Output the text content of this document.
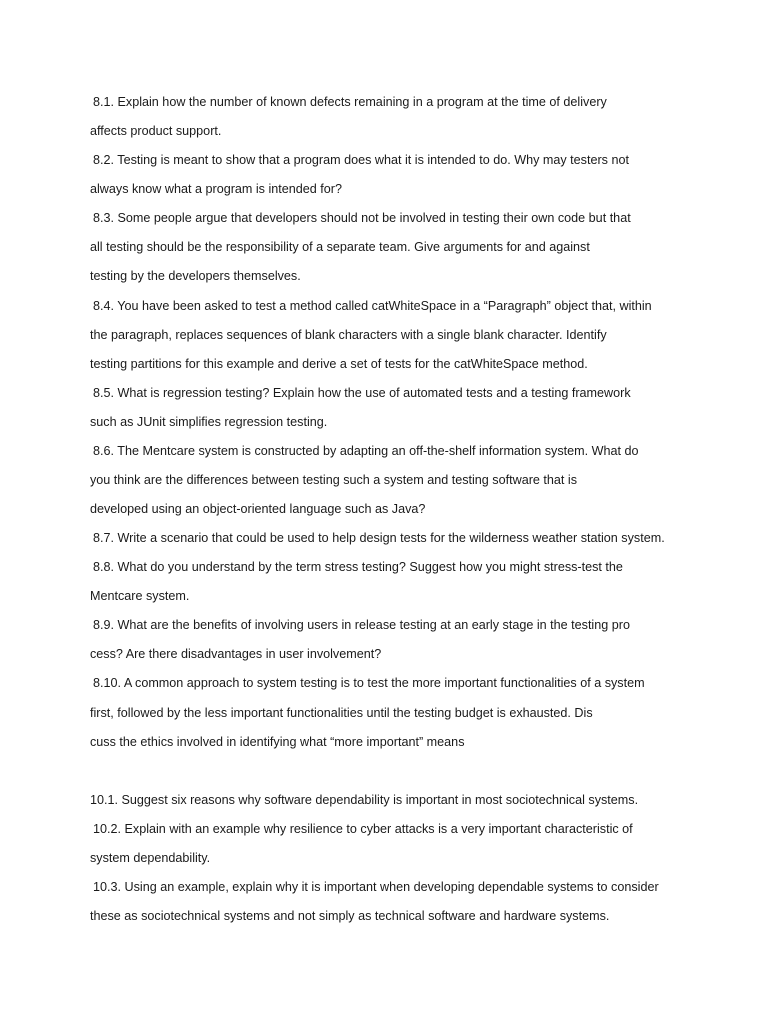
8.1. Explain how the number of known defects remaining in a program at the time of delivery
affects product support.
8.2. Testing is meant to show that a program does what it is intended to do. Why may testers not
always know what a program is intended for?
8.3. Some people argue that developers should not be involved in testing their own code but that
all testing should be the responsibility of a separate team. Give arguments for and against
testing by the developers themselves.
8.4. You have been asked to test a method called catWhiteSpace in a “Paragraph” object that, within
the paragraph, replaces sequences of blank characters with a single blank character. Identify
testing partitions for this example and derive a set of tests for the catWhiteSpace method.
8.5. What is regression testing? Explain how the use of automated tests and a testing framework
such as JUnit simplifies regression testing.
8.6. The Mentcare system is constructed by adapting an off-the-shelf information system. What do
you think are the differences between testing such a system and testing software that is
developed using an object-oriented language such as Java?
8.7. Write a scenario that could be used to help design tests for the wilderness weather station system.
8.8. What do you understand by the term stress testing? Suggest how you might stress-test the
Mentcare system.
8.9. What are the benefits of involving users in release testing at an early stage in the testing pro
cess? Are there disadvantages in user involvement?
8.10. A common approach to system testing is to test the more important functionalities of a system
first, followed by the less important functionalities until the testing budget is exhausted. Dis
cuss the ethics involved in identifying what “more important” means
10.1. Suggest six reasons why software dependability is important in most sociotechnical systems.
10.2. Explain with an example why resilience to cyber attacks is a very important characteristic of
system dependability.
10.3. Using an example, explain why it is important when developing dependable systems to consider
these as sociotechnical systems and not simply as technical software and hardware systems.
